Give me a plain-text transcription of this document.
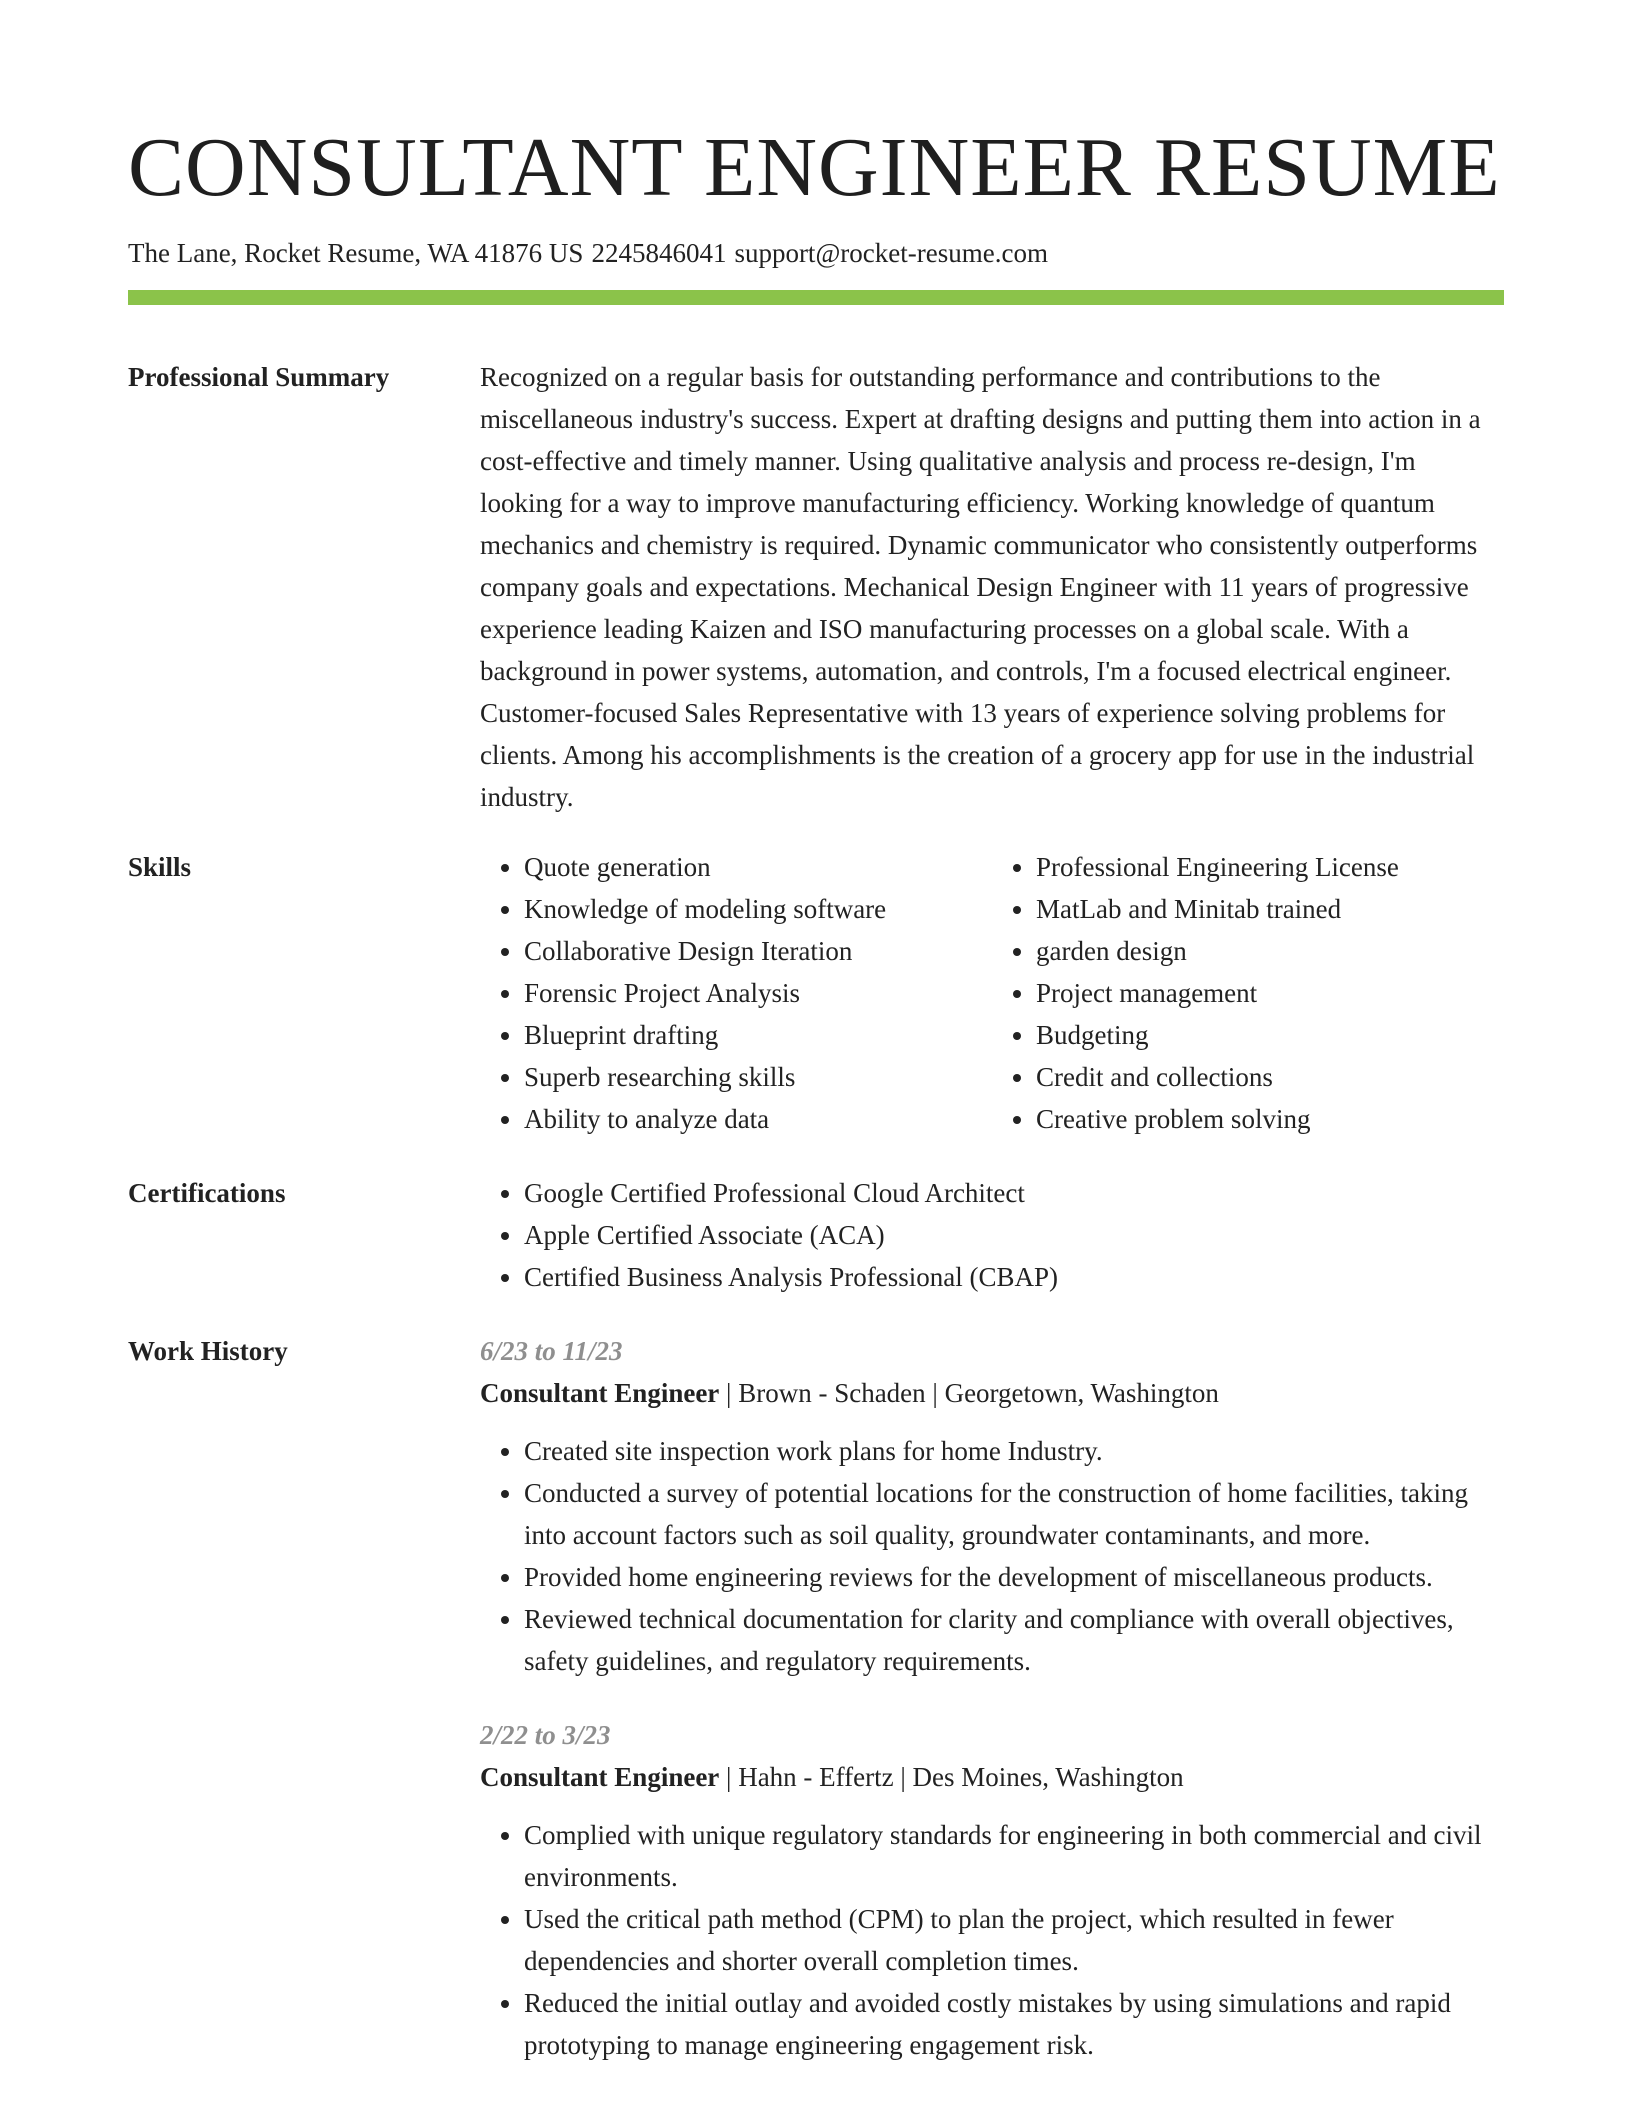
CONSULTANT ENGINEER RESUME
The Lane, Rocket Resume, WA 41876 US 2245846041 support@rocket-resume.com
Professional Summary	Recognized on a regular basis for outstanding performance and contributions to the miscellaneous industry's success. Expert at drafting designs and putting them into action in a cost-effective and timely manner. Using qualitative analysis and process re-design, I'm looking for a way to improve manufacturing efficiency. Working knowledge of quantum mechanics and chemistry is required. Dynamic communicator who consistently outperforms company goals and expectations. Mechanical Design Engineer with 11 years of progressive experience leading Kaizen and ISO manufacturing processes on a global scale. With a background in power systems, automation, and controls, I'm a focused electrical engineer. Customer-focused Sales Representative with 13 years of experience solving problems for clients. Among his accomplishments is the creation of a grocery app for use in the industrial industry.

Skills	• Quote generation
• Knowledge of modeling software
• Collaborative Design Iteration
• Forensic Project Analysis
• Blueprint drafting
• Superb researching skills
• Ability to analyze data
• Professional Engineering License
• MatLab and Minitab trained
• garden design
• Project management
• Budgeting
• Credit and collections
• Creative problem solving
Certifications	• Google Certified Professional Cloud Architect
• Apple Certified Associate (ACA)
• Certified Business Analysis Professional (CBAP)
Work History	6/23 to 11/23
Consultant Engineer | Brown - Schaden | Georgetown, Washington
• Created site inspection work plans for home Industry.
• Conducted a survey of potential locations for the construction of home facilities, taking into account factors such as soil quality, groundwater contaminants, and more.
• Provided home engineering reviews for the development of miscellaneous products.
• Reviewed technical documentation for clarity and compliance with overall objectives, safety guidelines, and regulatory requirements.
2/22 to 3/23
Consultant Engineer | Hahn - Effertz | Des Moines, Washington
• Complied with unique regulatory standards for engineering in both commercial and civil environments.
• Used the critical path method (CPM) to plan the project, which resulted in fewer dependencies and shorter overall completion times.
• Reduced the initial outlay and avoided costly mistakes by using simulations and rapid prototyping to manage engineering engagement risk.
